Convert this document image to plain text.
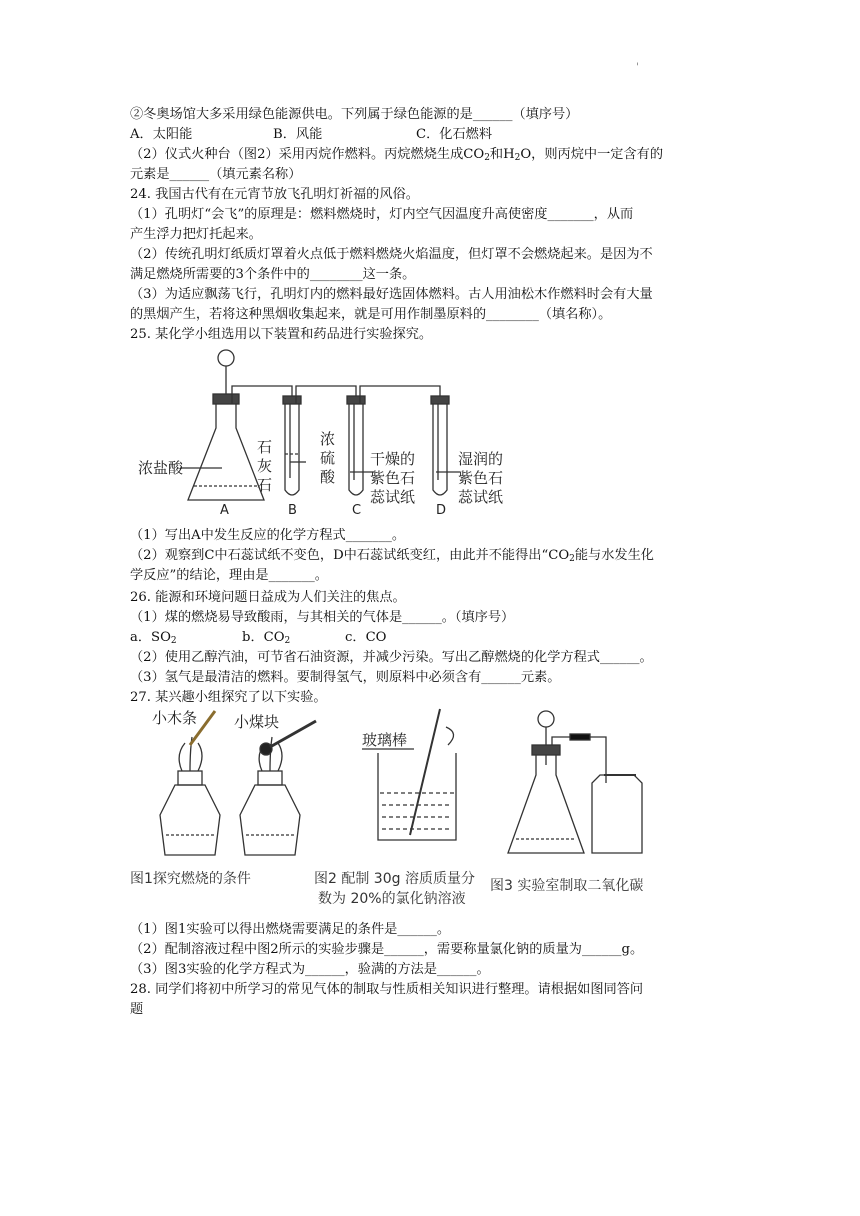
'
②冬奥场馆大多采用绿色能源供电。下列属于绿色能源的是______（填序号）
A．太阳能	B．风能	C．化石燃料
（2）仪式火种台（图2）采用丙烷作燃料。丙烷燃烧生成$CO_2$和$H_2O$，则丙烷中一定含有的
元素是______（填元素名称）
24. 我国古代有在元宵节放飞孔明灯祈福的风俗。
（1）孔明灯“会飞”的原理是：燃料燃烧时，灯内空气因温度升高使密度_______，从而
产生浮力把灯托起来。
（2）传统孔明灯纸质灯罩着火点低于燃料燃烧火焰温度，但灯罩不会燃烧起来。是因为不
满足燃烧所需要的3个条件中的________这一条。
（3）为适应飘荡飞行，孔明灯内的燃料最好选固体燃料。古人用油松木作燃料时会有大量
的黑烟产生，若将这种黑烟收集起来，就是可用作制墨原料的________（填名称）。
25. 某化学小组选用以下装置和药品进行实验探究。
浓盐酸
石
灰
石
浓
硫
酸
干燥的
紫色石
蕊试纸
湿润的
紫色石
蕊试纸
A	B	C	D
（1）写出A中发生反应的化学方程式_______。
（2）观察到C中石蕊试纸不变色，D中石蕊试纸变红，由此并不能得出“$CO_2$能与水发生化
学反应”的结论，理由是_______。
26. 能源和环境问题日益成为人们关注的焦点。
（1）煤的燃烧易导致酸雨，与其相关的气体是______。（填序号）
a．$SO_2$	b．$CO_2$	c．CO
（2）使用乙醇汽油，可节省石油资源，并减少污染。写出乙醇燃烧的化学方程式______。
（3）氢气是最清洁的燃料。要制得氢气，则原料中必须含有______元素。
27. 某兴趣小组探究了以下实验。
小木条 小煤块
玻璃棒
图1探究燃烧的条件	图2 配制 30g 溶质质量分
数为 20%的氯化钠溶液
图3 实验室制取二氧化碳
（1）图1实验可以得出燃烧需要满足的条件是______。
（2）配制溶液过程中图2所示的实验步骤是______，需要称量氯化钠的质量为______g。
（3）图3实验的化学方程式为______，验满的方法是______。
28. 同学们将初中所学习的常见气体的制取与性质相关知识进行整理。请根据如图同答问
题
